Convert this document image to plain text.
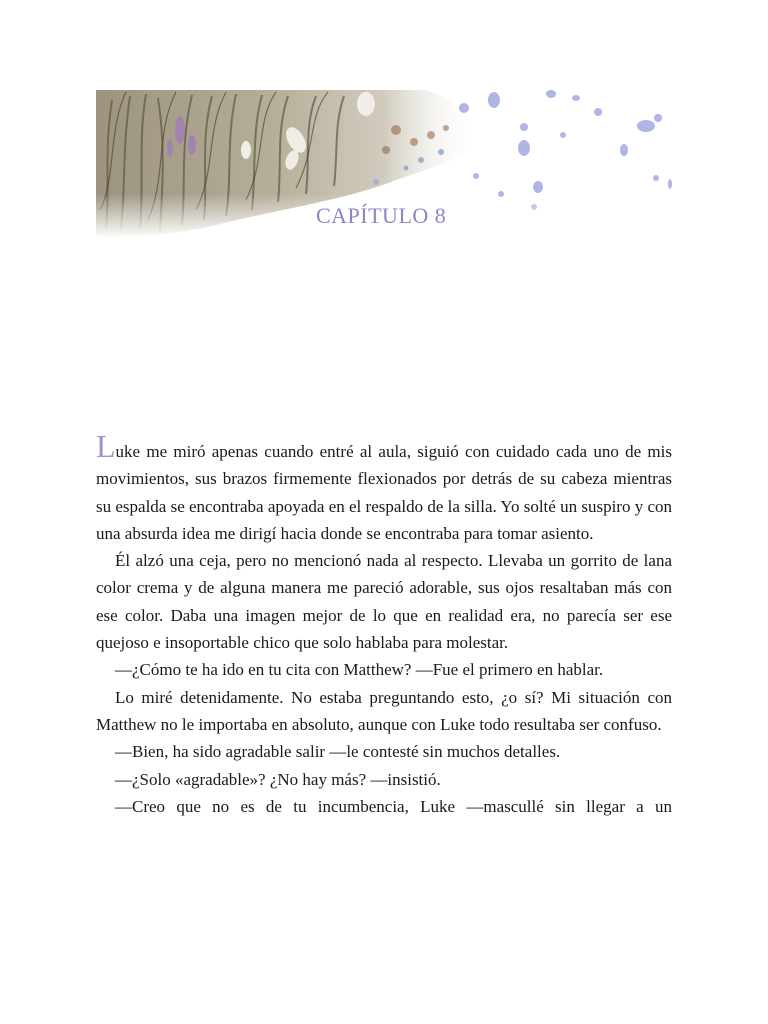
CAPÍTULO 8

Luke me miró apenas cuando entré al aula, siguió con cuidado cada uno de mis movimientos, sus brazos firmemente flexionados por detrás de su cabeza mientras su espalda se encontraba apoyada en el respaldo de la silla. Yo solté un suspiro y con una absurda idea me dirigí hacia donde se encontraba para tomar asiento.

Él alzó una ceja, pero no mencionó nada al respecto. Llevaba un gorrito de lana color crema y de alguna manera me pareció adorable, sus ojos resaltaban más con ese color. Daba una imagen mejor de lo que en realidad era, no parecía ser ese quejoso e insoportable chico que solo hablaba para molestar.

—¿Cómo te ha ido en tu cita con Matthew? —Fue el primero en hablar.

Lo miré detenidamente. No estaba preguntando esto, ¿o sí? Mi situación con Matthew no le importaba en absoluto, aunque con Luke todo resultaba ser confuso.

—Bien, ha sido agradable salir —le contesté sin muchos detalles.

—¿Solo «agradable»? ¿No hay más? —insistió.

—Creo que no es de tu incumbencia, Luke —mascullé sin llegar a un
